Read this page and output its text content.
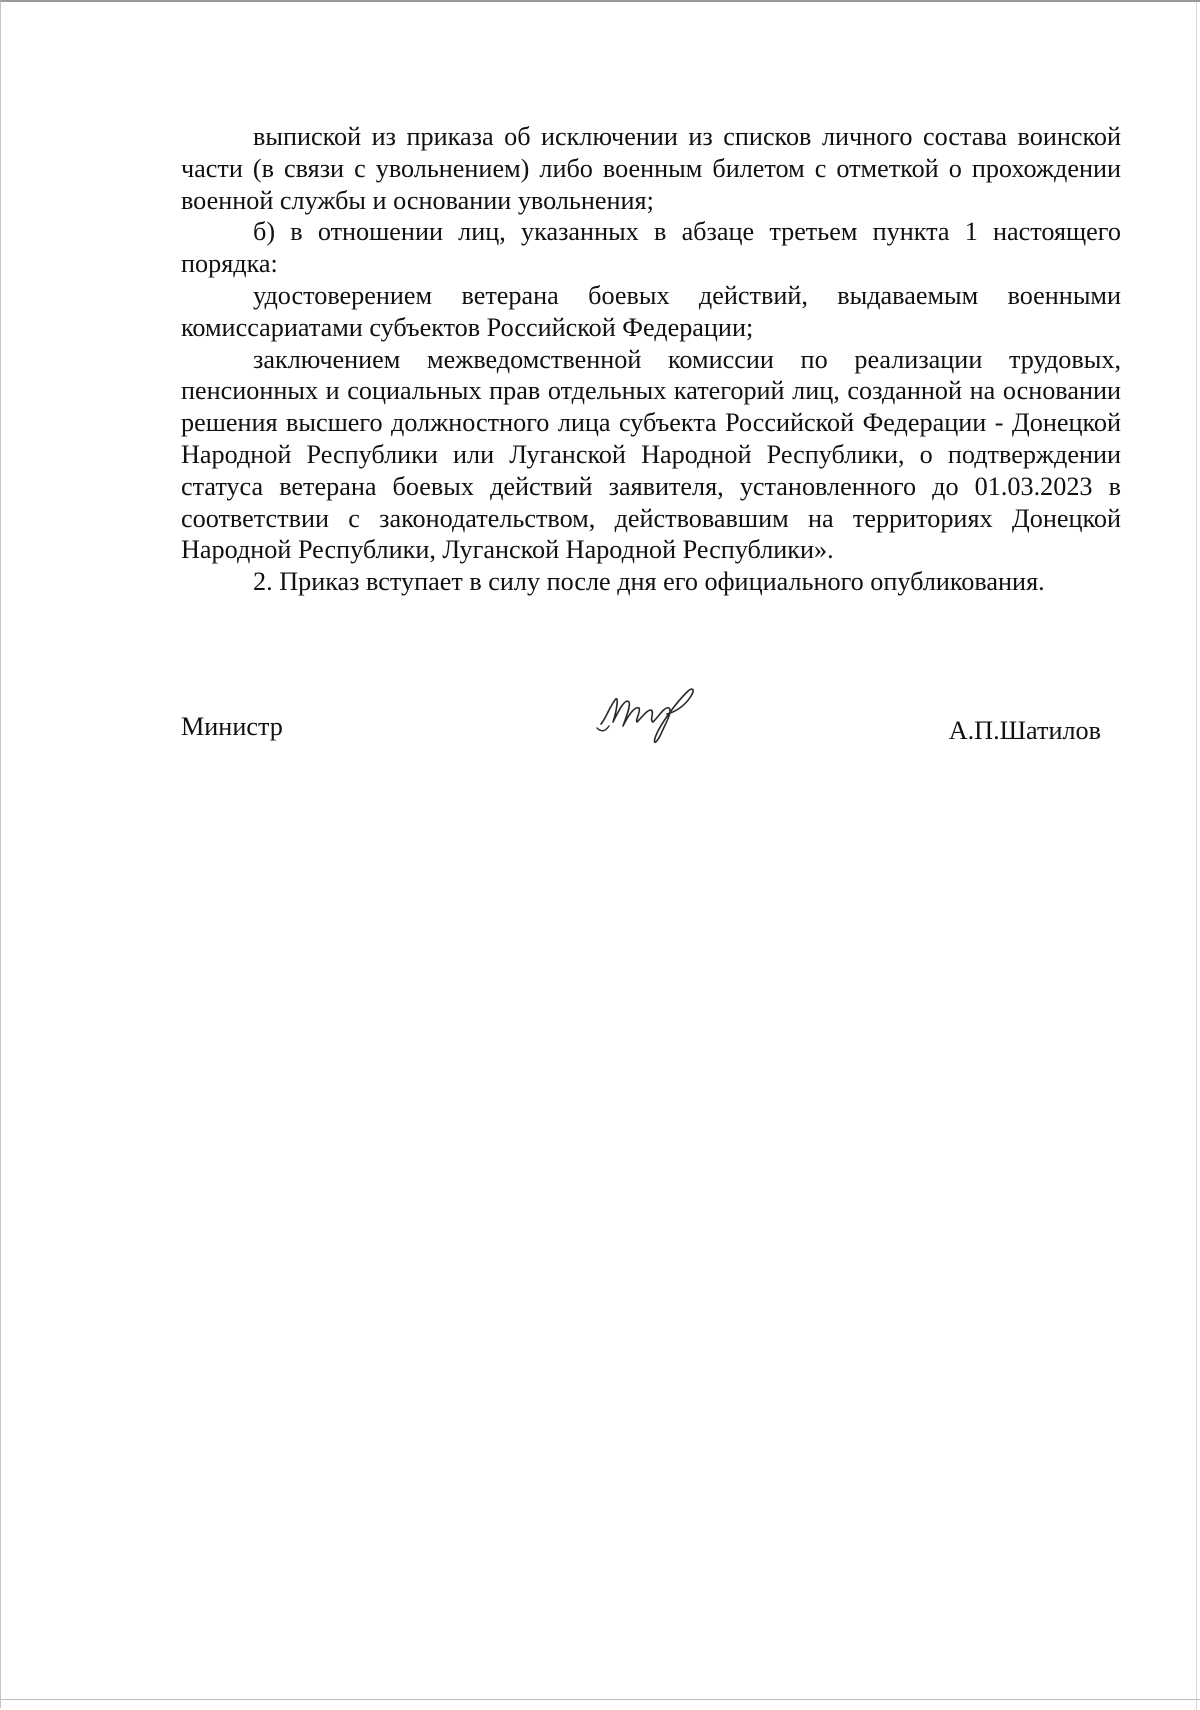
выпиской из приказа об исключении из списков личного состава воинской части (в связи с увольнением) либо военным билетом с отметкой о прохождении военной службы и основании увольнения;

б) в отношении лиц, указанных в абзаце третьем пункта 1 настоящего порядка:

удостоверением ветерана боевых действий, выдаваемым военными комиссариатами субъектов Российской Федерации;

заключением межведомственной комиссии по реализации трудовых, пенсионных и социальных прав отдельных категорий лиц, созданной на основании решения высшего должностного лица субъекта Российской Федерации - Донецкой Народной Республики или Луганской Народной Республики, о подтверждении статуса ветерана боевых действий заявителя, установленного до 01.03.2023 в соответствии с законодательством, действовавшим на территориях Донецкой Народной Республики, Луганской Народной Республики».

2. Приказ вступает в силу после дня его официального опубликования.

Министр	А.П.Шатилов
